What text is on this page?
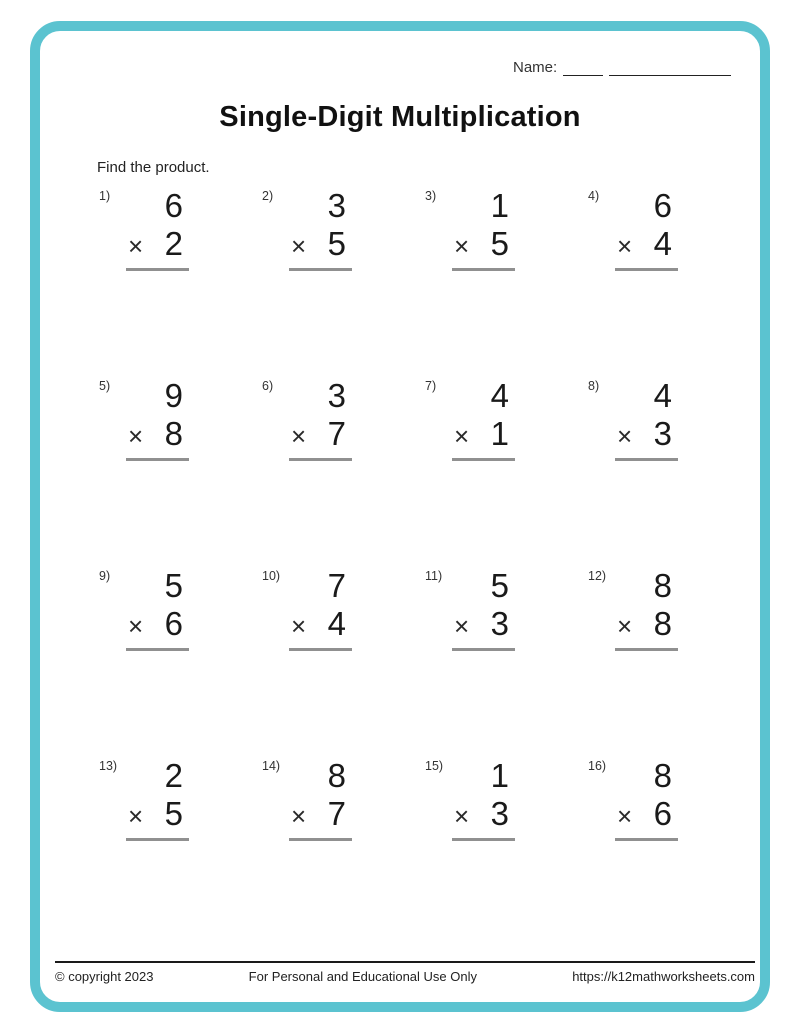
Name:
Single-Digit Multiplication
Find the product.
1)	6
× 2
2)	3
× 5
3)	1
× 5
4)	6
× 4
5)	9
× 8
6)	3
× 7
7)	4
× 1
8)	4
× 3
9)	5
× 6
10)	7
× 4
11)	5
× 3
12)	8
× 8
13)	2
× 5
14)	8
× 7
15)	1
× 3
16)	8
× 6
© copyright 2023	For Personal and Educational Use Only	https://k12mathworksheets.com
